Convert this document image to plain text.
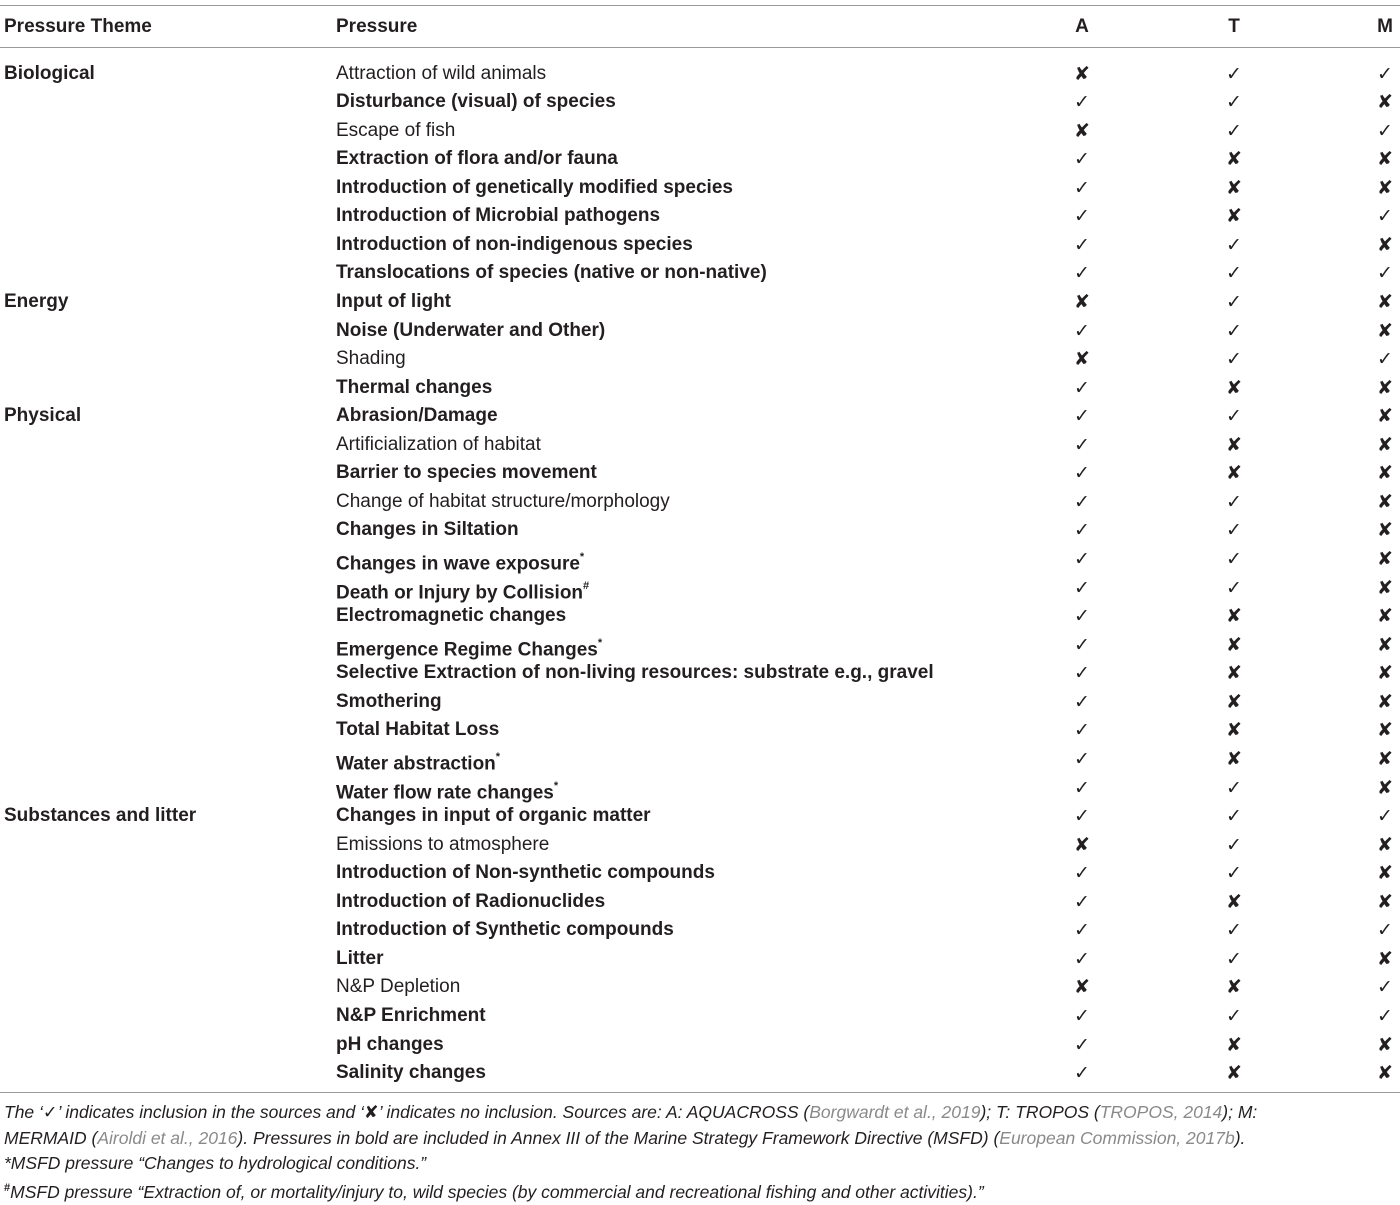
Pressure Theme	Pressure	A	T	M
Biological	Attraction of wild animals	✘	✓	✓
Disturbance (visual) of species	✓	✓	✘
Escape of fish	✘	✓	✓
Extraction of flora and/or fauna	✓	✘	✘
Introduction of genetically modified species	✓	✘	✘
Introduction of Microbial pathogens	✓	✘	✓
Introduction of non-indigenous species	✓	✓	✘
Translocations of species (native or non-native)	✓	✓	✓
Energy	Input of light	✘	✓	✘
Noise (Underwater and Other)	✓	✓	✘
Shading	✘	✓	✓
Thermal changes	✓	✘	✘
Physical	Abrasion/Damage	✓	✓	✘
Artificialization of habitat	✓	✘	✘
Barrier to species movement	✓	✘	✘
Change of habitat structure/morphology	✓	✓	✘
Changes in Siltation	✓	✓	✘
Changes in wave exposure*	✓	✓	✘
Death or Injury by Collision#	✓	✓	✘
Electromagnetic changes	✓	✘	✘
Emergence Regime Changes*	✓	✘	✘
Selective Extraction of non-living resources: substrate e.g., gravel	✓	✘	✘
Smothering	✓	✘	✘
Total Habitat Loss	✓	✘	✘
Water abstraction*	✓	✘	✘
Water flow rate changes*	✓	✓	✘
Substances and litter	Changes in input of organic matter	✓	✓	✓
Emissions to atmosphere	✘	✓	✘
Introduction of Non-synthetic compounds	✓	✓	✘
Introduction of Radionuclides	✓	✘	✘
Introduction of Synthetic compounds	✓	✓	✓
Litter	✓	✓	✘
N&P Depletion	✘	✘	✓
N&P Enrichment	✓	✓	✓
pH changes	✓	✘	✘
Salinity changes	✓	✘	✘
The ‘✓’ indicates inclusion in the sources and ‘✘’ indicates no inclusion. Sources are: A: AQUACROSS (Borgwardt et al., 2019); T: TROPOS (TROPOS, 2014); M:
MERMAID (Airoldi et al., 2016). Pressures in bold are included in Annex III of the Marine Strategy Framework Directive (MSFD) (European Commission, 2017b).
*MSFD pressure “Changes to hydrological conditions.”
#MSFD pressure “Extraction of, or mortality/injury to, wild species (by commercial and recreational fishing and other activities).”
